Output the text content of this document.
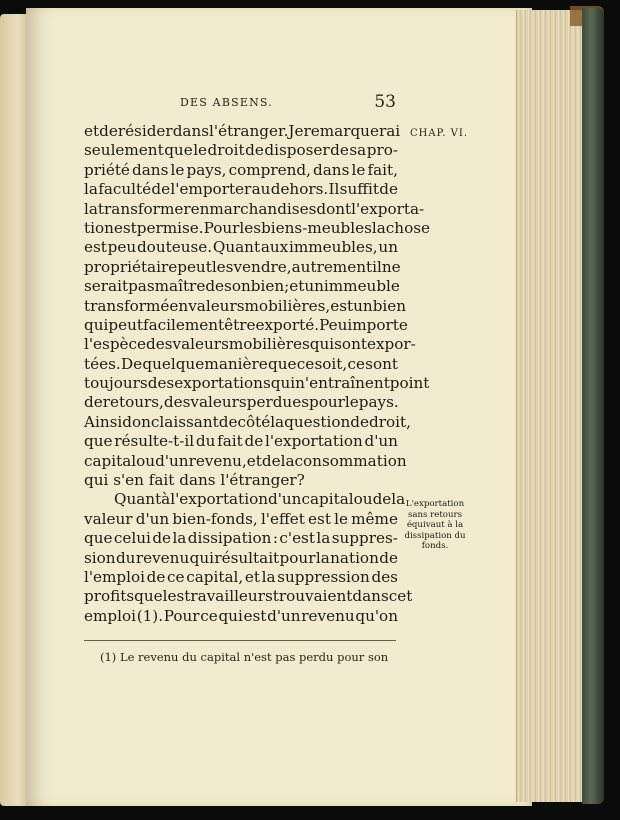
DES ABSENS.	53
CHAP. VI.
et de résider dans l'étranger. Je remarquerai
seulement que le droit de disposer de sa pro-
priété dans le pays, comprend, dans le fait,
la faculté de l'emporter au dehors. Il suffit de
la transformer en marchandises dont l'exporta-
tion est permise. Pour les biens-meubles la chose
est peu douteuse. Quant aux immeubles, un
propriétaire peut les vendre, autrement il ne
serait pas maître de son bien; et un immeuble
transformé en valeurs mobilières, est un bien
qui peut facilement être exporté. Peu importe
l'espèce des valeurs mobilières qui sont expor-
tées. De quelque manière que ce soit, ce sont
toujours des exportations qui n'entraînent point
de retours, des valeurs perdues pour le pays.
Ainsi donc laissant de côté la question de droit,
que résulte-t-il du fait de l'exportation d'un
capital ou d'un revenu, et de la consommation
qui s'en fait dans l'étranger?
Quant à l'exportation d'un capital ou de la
valeur d'un bien-fonds, l'effet est le même
que celui de la dissipation : c'est la suppres-
sion du revenu qui résultait pour la nation de
l'emploi de ce capital, et la suppression des
profits que les travailleurs trouvaient dans cet
emploi (1). Pour ce qui est d'un revenu qu'on
L'exportation
sans retours
équivaut à la
dissipation du
fonds.
(1) Le revenu du capital n'est pas perdu pour son
